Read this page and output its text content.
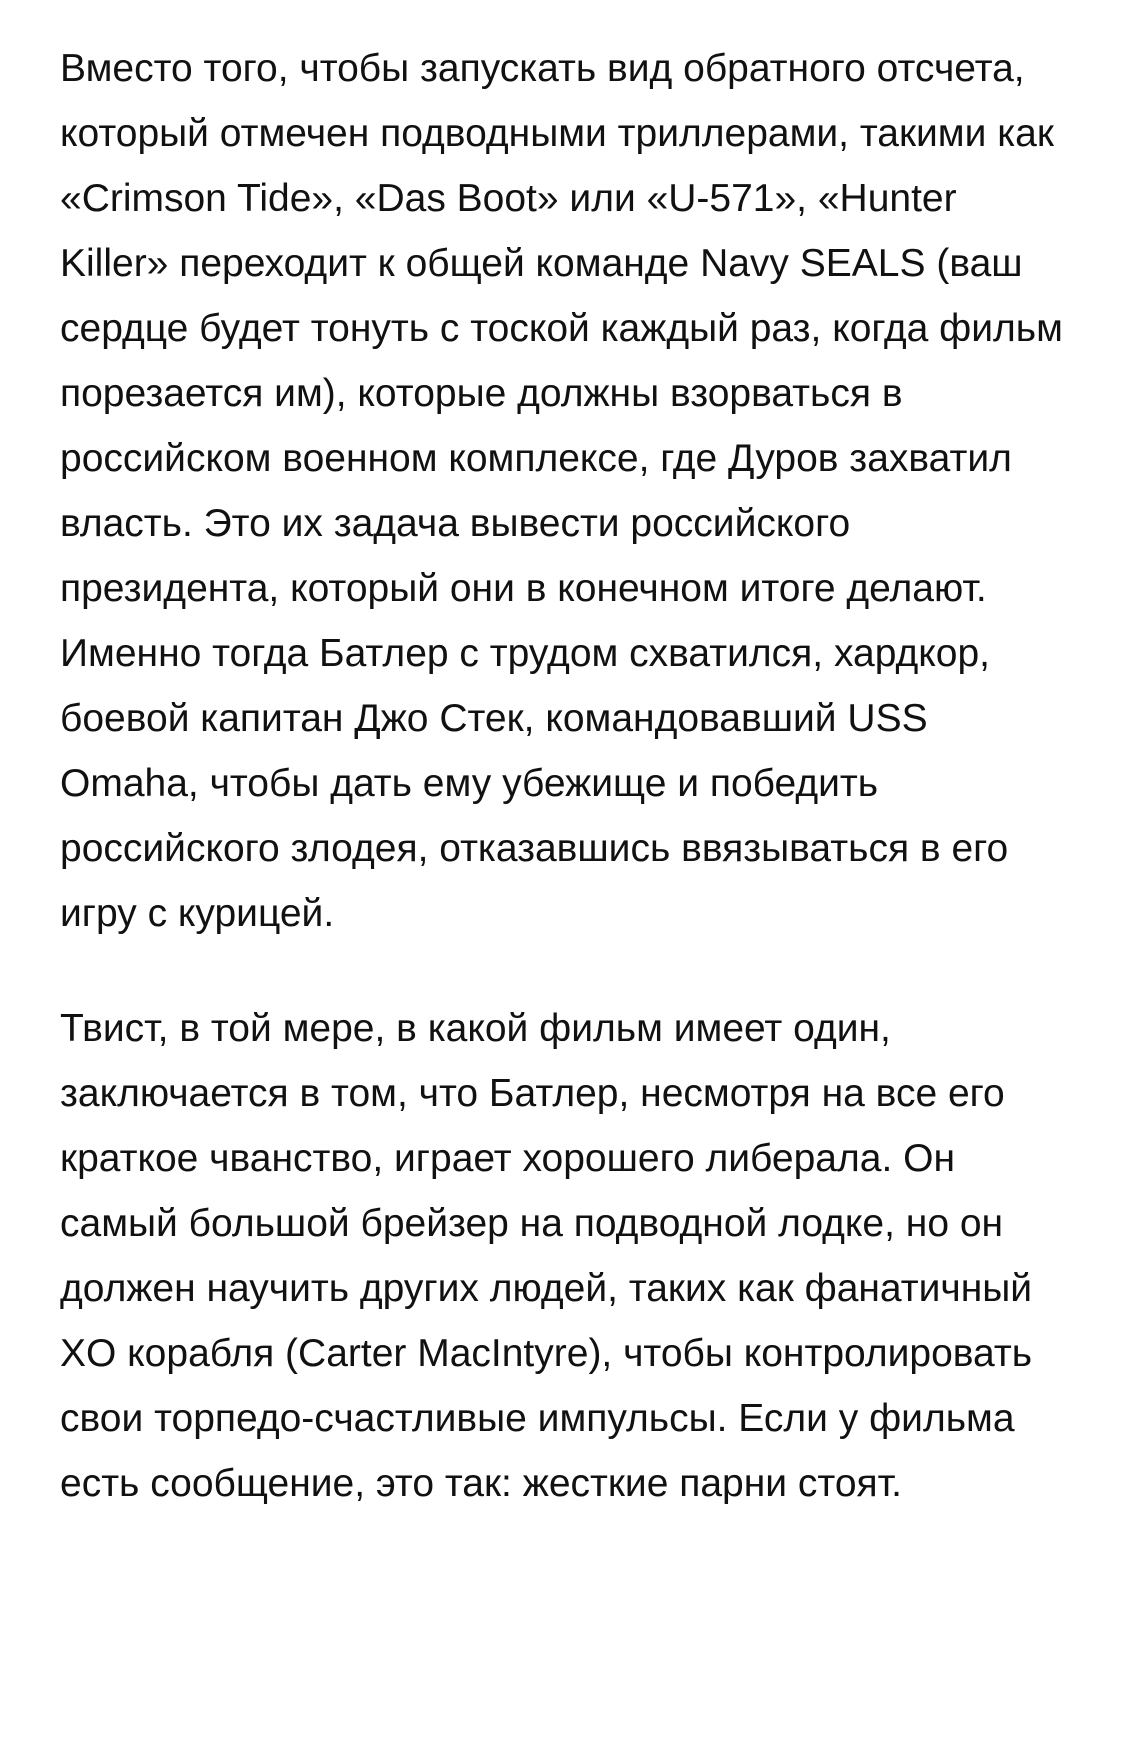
Вместо того, чтобы запускать вид обратного отсчета, который отмечен подводными триллерами, такими как «Crimson Tide», «Das Boot» или «U-571», «Hunter Killer» переходит к общей команде Navy SEALS (ваш сердце будет тонуть с тоской каждый раз, когда фильм порезается им), которые должны взорваться в российском военном комплексе, где Дуров захватил власть. Это их задача вывести российского президента, который они в конечном итоге делают. Именно тогда Батлер с трудом схватился, хардкор, боевой капитан Джо Стек, командовавший USS Omaha, чтобы дать ему убежище и победить российского злодея, отказавшись ввязываться в его игру с курицей.

Твист, в той мере, в какой фильм имеет один, заключается в том, что Батлер, несмотря на все его краткое чванство, играет хорошего либерала. Он самый большой брейзер на подводной лодке, но он должен научить других людей, таких как фанатичный XO корабля (Carter MacIntyre), чтобы контролировать свои торпедо-счастливые импульсы. Если у фильма есть сообщение, это так: жесткие парни стоят.
